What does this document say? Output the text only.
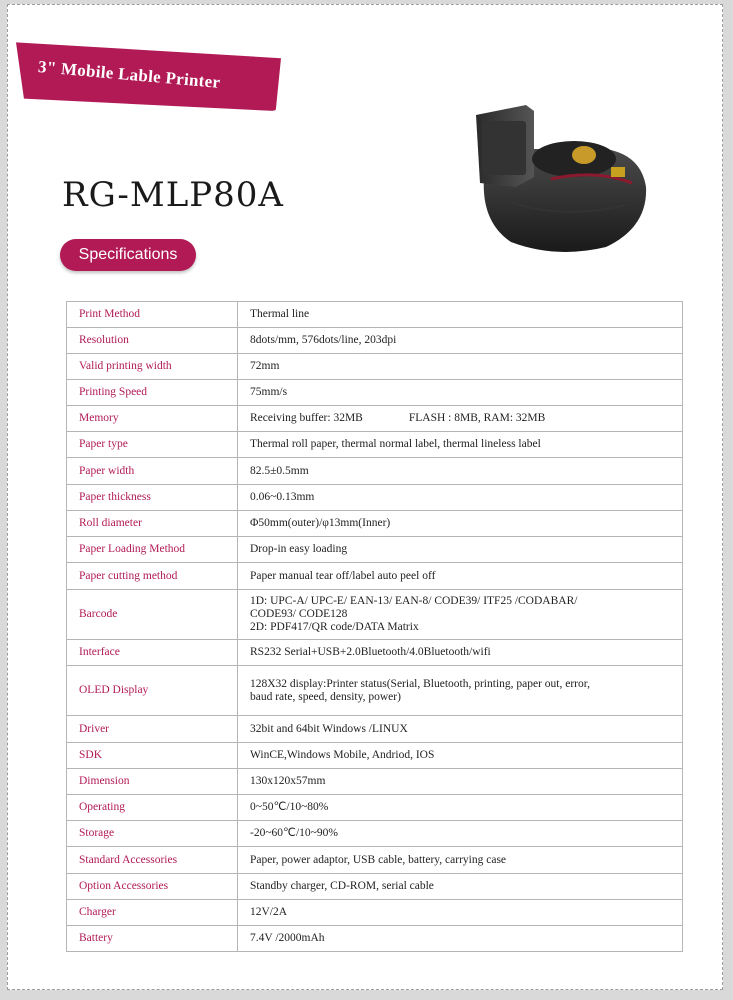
3" Mobile Lable Printer
RG-MLP80A
Specifications
Print Method	Thermal line
Resolution	8dots/mm, 576dots/line, 203dpi
Valid printing width	72mm
Printing Speed	75mm/s
Memory	Receiving buffer: 32MB                FLASH : 8MB, RAM: 32MB
Paper type	Thermal roll paper, thermal normal label, thermal lineless label
Paper width	82.5±0.5mm
Paper thickness	0.06~0.13mm
Roll diameter	Φ50mm(outer)/φ13mm(Inner)
Paper Loading Method	Drop-in easy loading
Paper cutting method	Paper manual tear off/label auto peel off
Barcode	1D: UPC-A/ UPC-E/ EAN-13/ EAN-8/ CODE39/ ITF25 /CODABAR/
CODE93/ CODE128
2D: PDF417/QR code/DATA Matrix
Interface	RS232 Serial+USB+2.0Bluetooth/4.0Bluetooth/wifi
OLED Display	128X32 display:Printer status(Serial, Bluetooth, printing, paper out, error,
baud rate, speed, density, power)
Driver	32bit and 64bit Windows /LINUX
SDK	WinCE,Windows Mobile, Andriod, IOS
Dimension	130x120x57mm
Operating	0~50℃/10~80%
Storage	-20~60℃/10~90%
Standard Accessories	Paper, power adaptor, USB cable, battery, carrying case
Option Accessories	Standby charger, CD-ROM, serial cable
Charger	12V/2A
Battery	7.4V /2000mAh
